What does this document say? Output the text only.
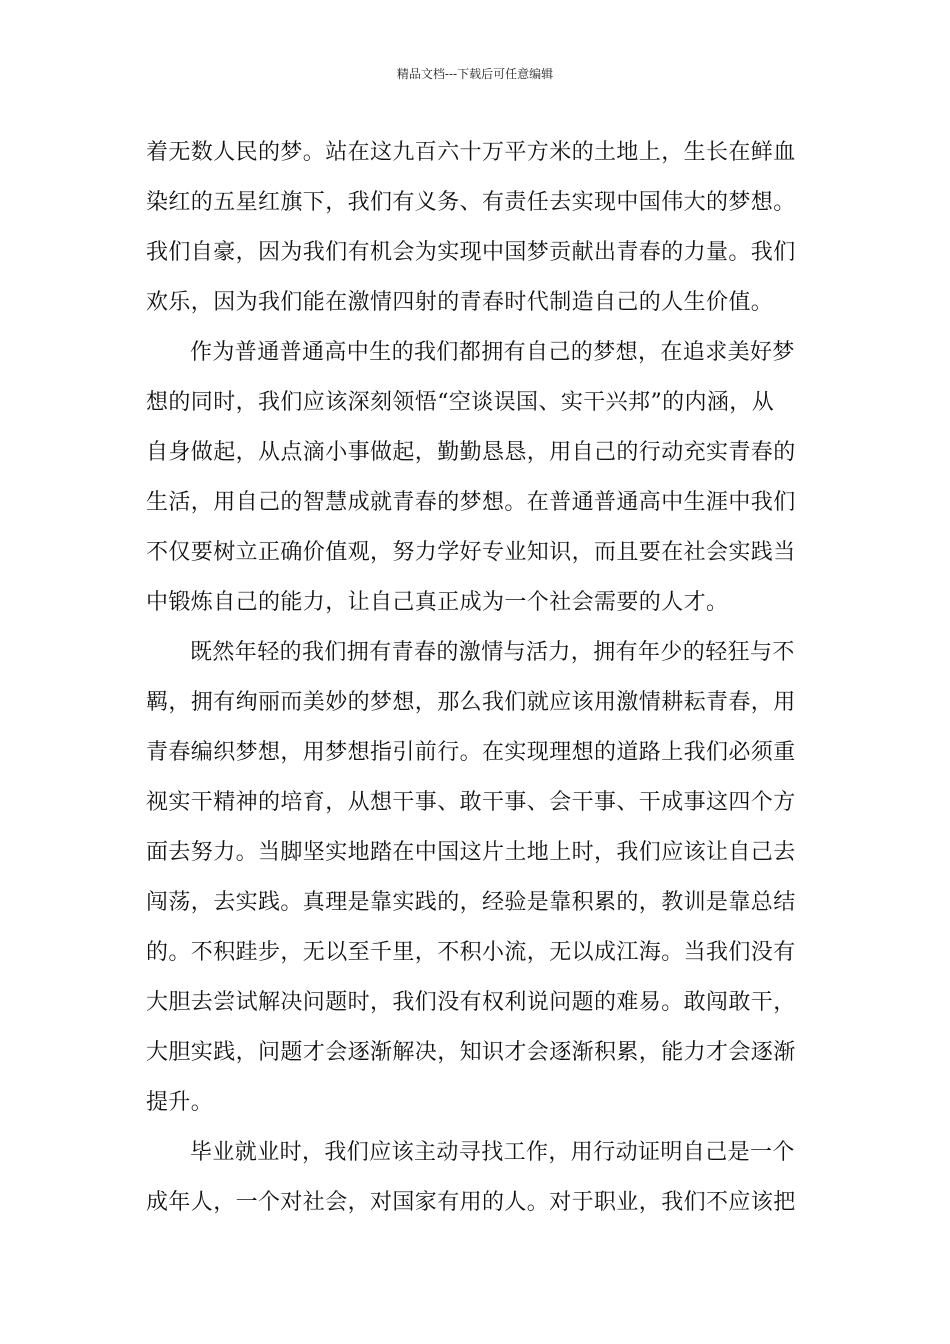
精品文档---下载后可任意编辑
着无数人民的梦。站在这九百六十万平方米的土地上，生长在鲜血
染红的五星红旗下，我们有义务、有责任去实现中国伟大的梦想。
我们自豪，因为我们有机会为实现中国梦贡献出青春的力量。我们
欢乐，因为我们能在激情四射的青春时代制造自己的人生价值。
作为普通普通高中生的我们都拥有自己的梦想，在追求美好梦
想的同时，我们应该深刻领悟“空谈误国、实干兴邦”的内涵，从
自身做起，从点滴小事做起，勤勤恳恳，用自己的行动充实青春的
生活，用自己的智慧成就青春的梦想。在普通普通高中生涯中我们
不仅要树立正确价值观，努力学好专业知识，而且要在社会实践当
中锻炼自己的能力，让自己真正成为一个社会需要的人才。
既然年轻的我们拥有青春的激情与活力，拥有年少的轻狂与不
羁，拥有绚丽而美妙的梦想，那么我们就应该用激情耕耘青春，用
青春编织梦想，用梦想指引前行。在实现理想的道路上我们必须重
视实干精神的培育，从想干事、敢干事、会干事、干成事这四个方
面去努力。当脚坚实地踏在中国这片土地上时，我们应该让自己去
闯荡，去实践。真理是靠实践的，经验是靠积累的，教训是靠总结
的。不积跬步，无以至千里，不积小流，无以成江海。当我们没有
大胆去尝试解决问题时，我们没有权利说问题的难易。敢闯敢干，
大胆实践，问题才会逐渐解决，知识才会逐渐积累，能力才会逐渐
提升。
毕业就业时，我们应该主动寻找工作，用行动证明自己是一个
成年人，一个对社会，对国家有用的人。对于职业，我们不应该把
